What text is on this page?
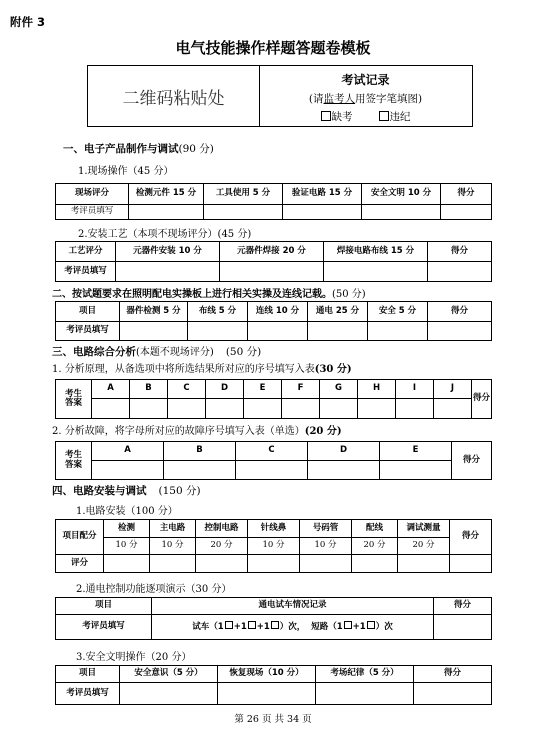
附件 3
电气技能操作样题答题卷模板
二维码粘贴处
考试记录
(请监考人用签字笔填图)
缺考	违纪
一、电子产品制作与调试(90 分)
1.现场操作（45 分）
现场评分	检测元件 15 分	工具使用 5 分	验证电路 15 分	安全文明 10 分	得分
考评员填写					
2.安装工艺（本项不现场评分）(45 分)
工艺评分	元器件安装 10 分	元器件焊接 20 分	焊接电路布线 15 分	得分
考评员填写				
二、按试题要求在照明配电实操板上进行相关实操及连线记载。(50 分)
项目	器件检测 5 分	布线 5 分	连线 10 分	通电 25 分	安全 5 分	得分
考评员填写						
三、电路综合分析(本题不现场评分) (50 分)
1. 分析原理，从备选项中将所选结果所对应的序号填写入表(30 分)
考生
答案	A	B	C	D	E	F	G	H	I	J	得分

2. 分析故障，将字母所对应的故障序号填写入表（单选）(20 分)
考生
答案	A	B	C	D	E	得分

四、电路安装与调试 (150 分)
1.电路安装（100 分）
项目配分	检测	主电路	控制电路	针线鼻	号码管	配线	调试测量	得分
	10 分	10 分	20 分	10 分	10 分	20 分	20 分	
评分								
2.通电控制功能逐项演示（30 分）
项目	通电试车情况记录	得分
考评员填写	试车（1 +1 +1 ）次， 短路（1 +1 ）次	
3.安全文明操作（20 分）
项目	安全意识（5 分）	恢复现场（10 分）	考场纪律（5 分）	得分
考评员填写				
第 26 页 共 34 页
